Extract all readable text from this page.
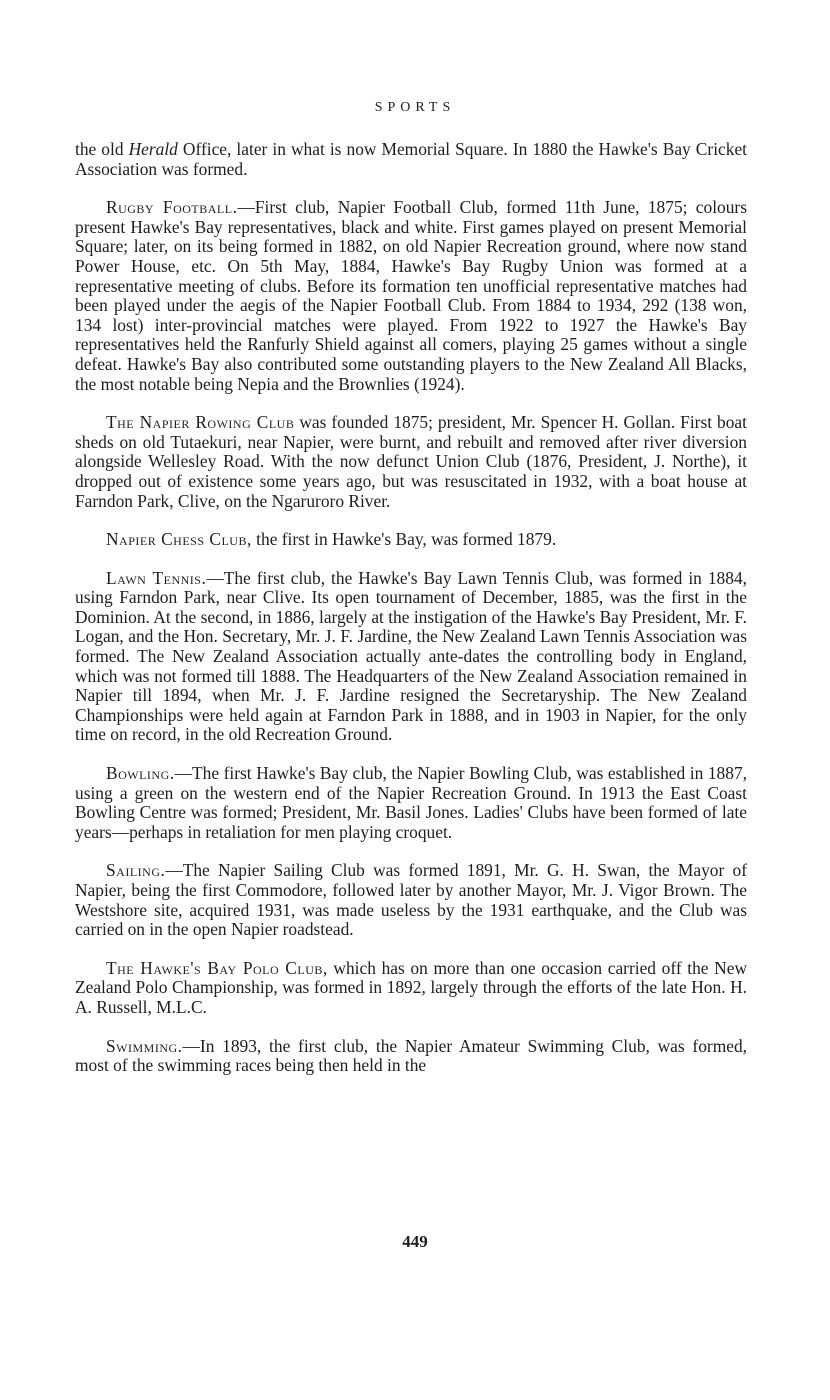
SPORTS

the old Herald Office, later in what is now Memorial Square. In 1880 the Hawke's Bay Cricket Association was formed.

Rugby Football.—First club, Napier Football Club, formed 11th June, 1875; colours present Hawke's Bay representatives, black and white. First games played on present Memorial Square; later, on its being formed in 1882, on old Napier Recreation ground, where now stand Power House, etc. On 5th May, 1884, Hawke's Bay Rugby Union was formed at a representative meeting of clubs. Before its formation ten unofficial representative matches had been played under the aegis of the Napier Football Club. From 1884 to 1934, 292 (138 won, 134 lost) inter-provincial matches were played. From 1922 to 1927 the Hawke's Bay representatives held the Ranfurly Shield against all comers, playing 25 games without a single defeat. Hawke's Bay also contributed some outstanding players to the New Zealand All Blacks, the most notable being Nepia and the Brownlies (1924).

The Napier Rowing Club was founded 1875; president, Mr. Spencer H. Gollan. First boat sheds on old Tutaekuri, near Napier, were burnt, and rebuilt and removed after river diversion alongside Wellesley Road. With the now defunct Union Club (1876, President, J. Northe), it dropped out of existence some years ago, but was resuscitated in 1932, with a boat house at Farndon Park, Clive, on the Ngaruroro River.

Napier Chess Club, the first in Hawke's Bay, was formed 1879.

Lawn Tennis.—The first club, the Hawke's Bay Lawn Tennis Club, was formed in 1884, using Farndon Park, near Clive. Its open tournament of December, 1885, was the first in the Dominion. At the second, in 1886, largely at the instigation of the Hawke's Bay President, Mr. F. Logan, and the Hon. Secretary, Mr. J. F. Jardine, the New Zealand Lawn Tennis Association was formed. The New Zealand Association actually ante-dates the controlling body in England, which was not formed till 1888. The Headquarters of the New Zealand Association remained in Napier till 1894, when Mr. J. F. Jardine resigned the Secretaryship. The New Zealand Championships were held again at Farndon Park in 1888, and in 1903 in Napier, for the only time on record, in the old Recreation Ground.

Bowling.—The first Hawke's Bay club, the Napier Bowling Club, was established in 1887, using a green on the western end of the Napier Recreation Ground. In 1913 the East Coast Bowling Centre was formed; President, Mr. Basil Jones. Ladies' Clubs have been formed of late years—perhaps in retaliation for men playing croquet.

Sailing.—The Napier Sailing Club was formed 1891, Mr. G. H. Swan, the Mayor of Napier, being the first Commodore, followed later by another Mayor, Mr. J. Vigor Brown. The Westshore site, acquired 1931, was made useless by the 1931 earthquake, and the Club was carried on in the open Napier roadstead.

The Hawke's Bay Polo Club, which has on more than one occasion carried off the New Zealand Polo Championship, was formed in 1892, largely through the efforts of the late Hon. H. A. Russell, M.L.C.

Swimming.—In 1893, the first club, the Napier Amateur Swimming Club, was formed, most of the swimming races being then held in the

449
